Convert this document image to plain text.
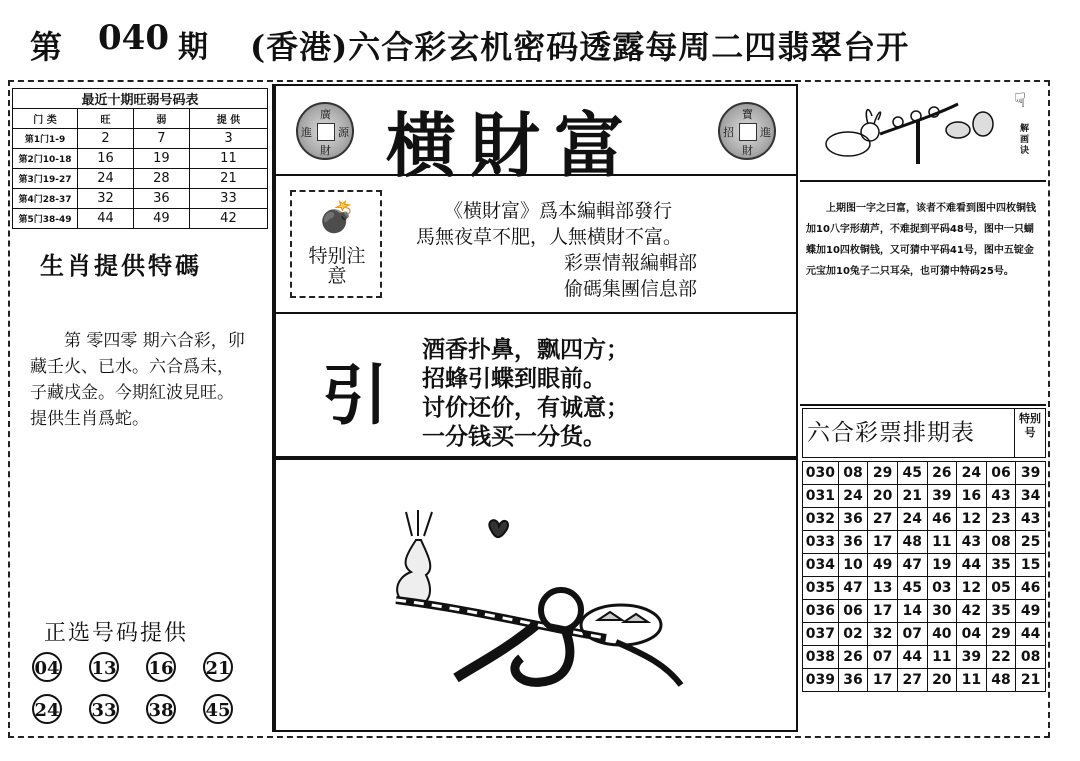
第 040 期 (香港)六合彩玄机密码透露每周二四翡翠台开
最近十期旺弱号码表			
门 类	旺	弱	提 供
第1门1-9	2	7	3
第2门10-18	16	19	11
第3门19-27	24	28	21
第4门28-37	32	36	33
第5门38-49	44	49	42
生肖提供特碼
第 零四零 期六合彩，卯藏壬火、已水。六合爲未，子藏戌金。今期紅波見旺。提供生肖爲蛇。
正选号码提供
04 13 16 21
24 33 38 45
廣
進 源
財 横財富	寶
招 進
財
💣
特别注意
《横財富》爲本編輯部發行
馬無夜草不肥，人無横財不富。
彩票情報編輯部
偷碼集團信息部
引
酒香扑鼻，飘四方；
招蜂引蝶到眼前。
讨价还价，有诚意；
一分钱买一分货。
☟
解画诀
上期图一字之曰富，该者不难看到图中四枚铜钱加10八字形葫芦，不难捉到平码48号，图中一只蝴蝶加10四枚铜钱，又可猜中平码41号，图中五锭金元宝加10兔子二只耳朵，也可猜中特码25号。
六合彩票排期表
特别号
030	08	29	45	26	24	06	39
031	24	20	21	39	16	43	34
032	36	27	24	46	12	23	43
033	36	17	48	11	43	08	25
034	10	49	47	19	44	35	15
035	47	13	45	03	12	05	46
036	06	17	14	30	42	35	49
037	02	32	07	40	04	29	44
038	26	07	44	11	39	22	08
039	36	17	27	20	11	48	21
